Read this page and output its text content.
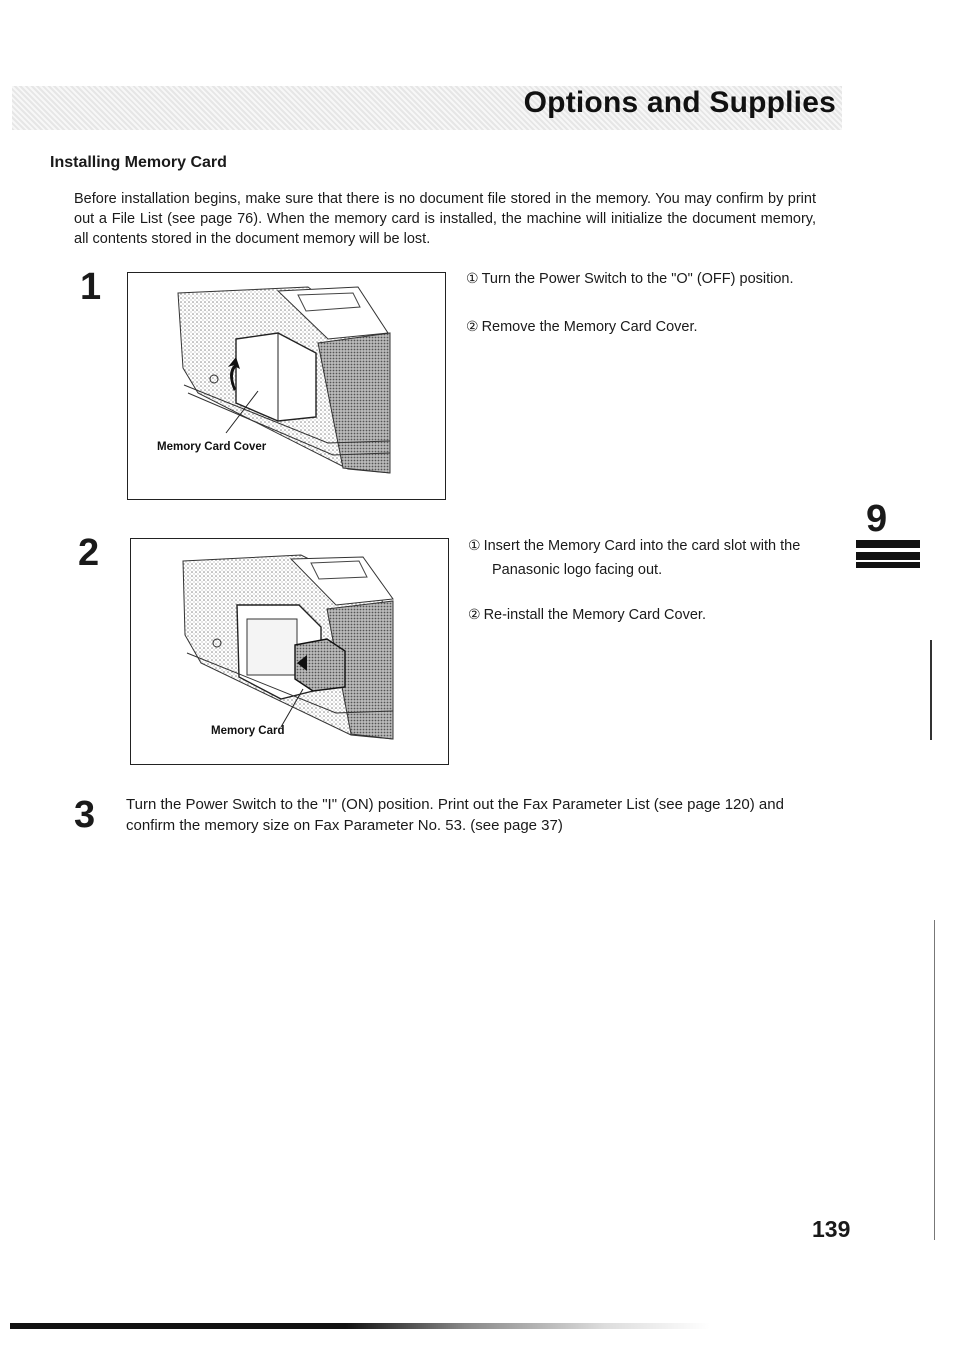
Options and Supplies
Installing Memory Card
Before installation begins, make sure that there is no document file stored in the memory. You may confirm by print out a File List (see page 76). When the memory card is installed, the machine will initialize the document memory, all contents stored in the document memory will be lost.
1
Memory Card Cover
① Turn the Power Switch to the "O" (OFF) position.
② Remove the Memory Card Cover.
2
Memory Card
① Insert the Memory Card into the card slot with the
Panasonic logo facing out.
② Re-install the Memory Card Cover.
9
3 Turn the Power Switch to the "I" (ON) position. Print out the Fax Parameter List (see page 120) and confirm the memory size on Fax Parameter No. 53. (see page 37)
139
